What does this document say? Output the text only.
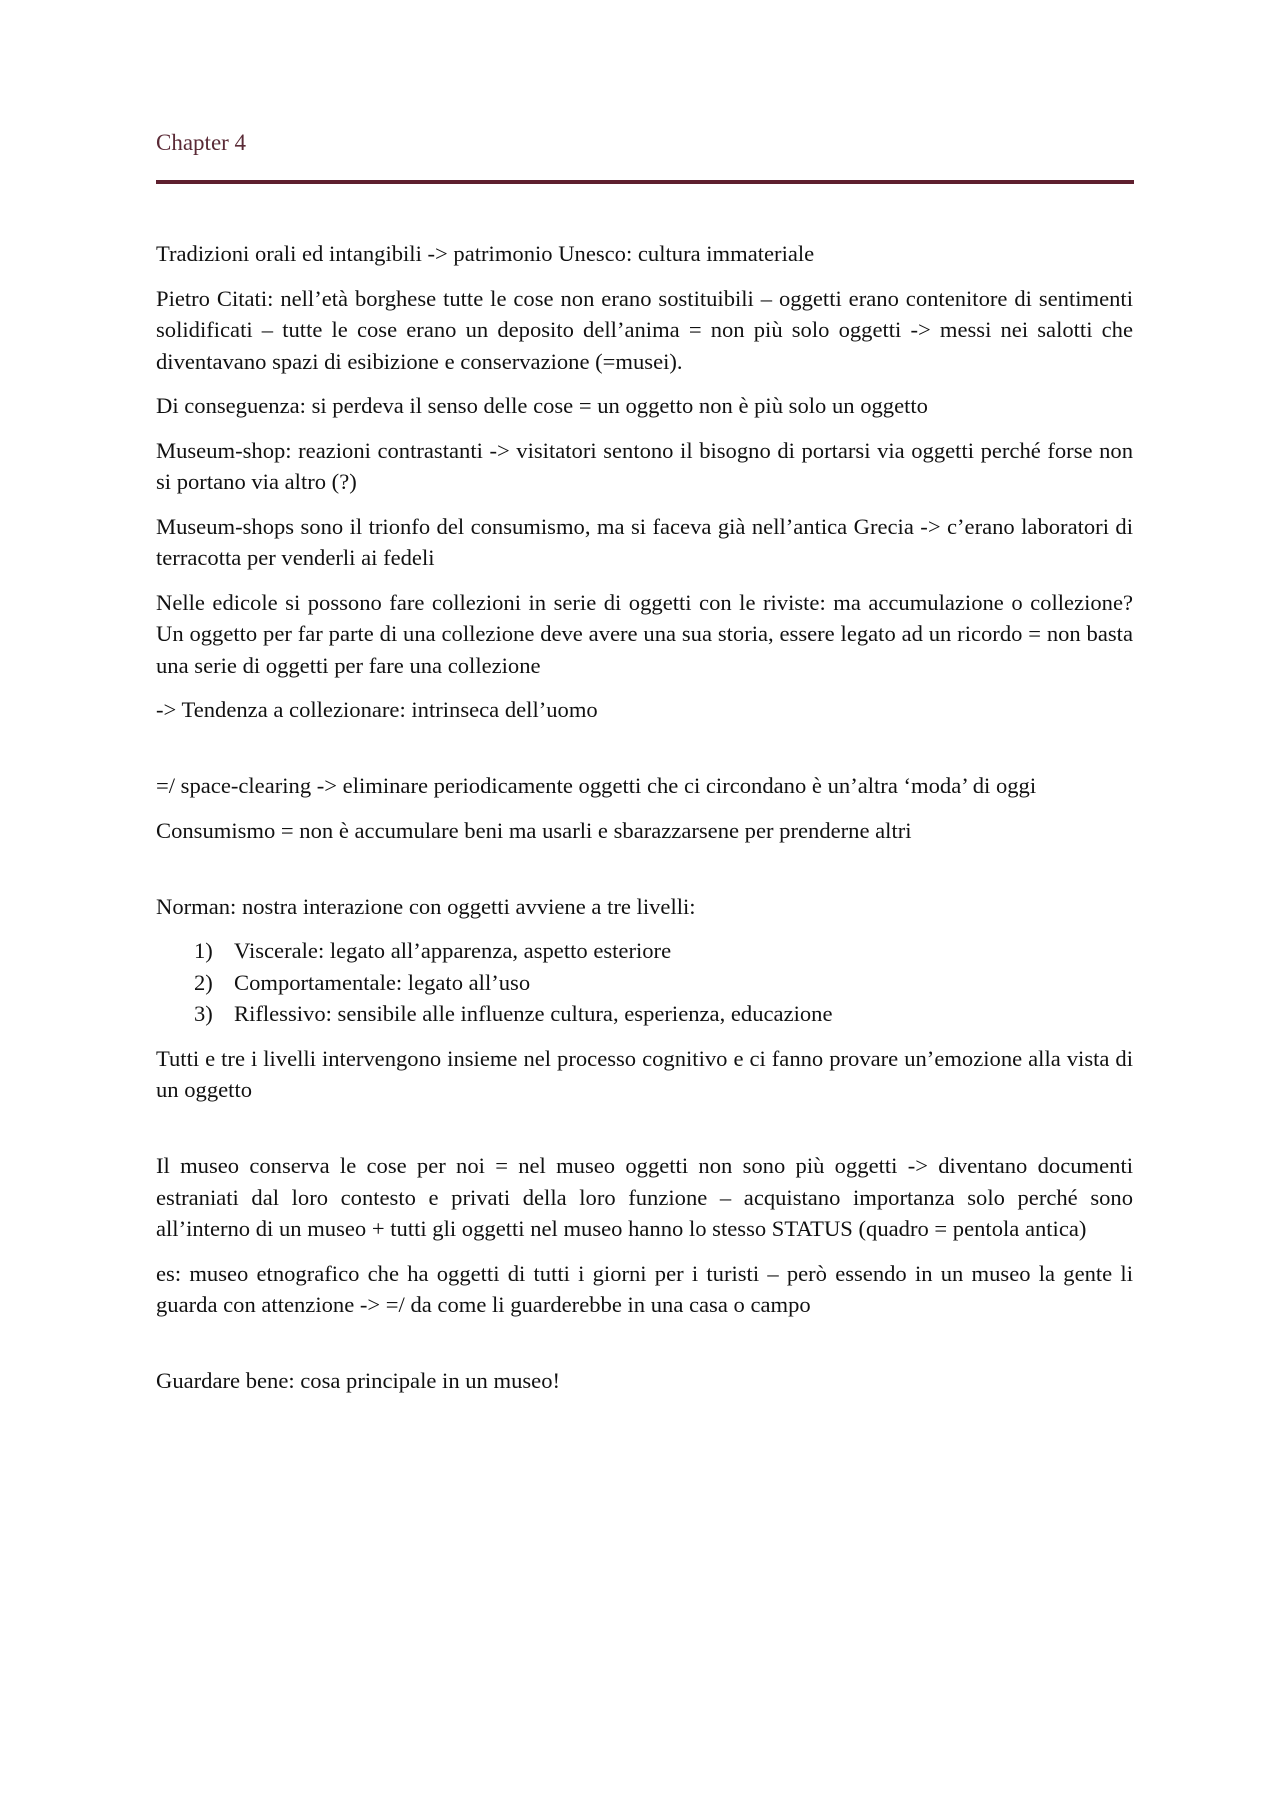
Chapter 4

Tradizioni orali ed intangibili -> patrimonio Unesco: cultura immateriale

Pietro Citati: nell’età borghese tutte le cose non erano sostituibili – oggetti erano contenitore di sentimenti solidificati – tutte le cose erano un deposito dell’anima = non più solo oggetti -> messi nei salotti che diventavano spazi di esibizione e conservazione (=musei).

Di conseguenza: si perdeva il senso delle cose = un oggetto non è più solo un oggetto

Museum-shop: reazioni contrastanti -> visitatori sentono il bisogno di portarsi via oggetti perché forse non si portano via altro (?)

Museum-shops sono il trionfo del consumismo, ma si faceva già nell’antica Grecia -> c’erano laboratori di terracotta per venderli ai fedeli

Nelle edicole si possono fare collezioni in serie di oggetti con le riviste: ma accumulazione o collezione? Un oggetto per far parte di una collezione deve avere una sua storia, essere legato ad un ricordo = non basta una serie di oggetti per fare una collezione

-> Tendenza a collezionare: intrinseca dell’uomo

=/ space-clearing -> eliminare periodicamente oggetti che ci circondano è un’altra ‘moda’ di oggi

Consumismo = non è accumulare beni ma usarli e sbarazzarsene per prenderne altri

Norman: nostra interazione con oggetti avviene a tre livelli:

1) Viscerale: legato all’apparenza, aspetto esteriore
2) Comportamentale: legato all’uso
3) Riflessivo: sensibile alle influenze cultura, esperienza, educazione

Tutti e tre i livelli intervengono insieme nel processo cognitivo e ci fanno provare un’emozione alla vista di un oggetto

Il museo conserva le cose per noi = nel museo oggetti non sono più oggetti -> diventano documenti estraniati dal loro contesto e privati della loro funzione – acquistano importanza solo perché sono all’interno di un museo + tutti gli oggetti nel museo hanno lo stesso STATUS (quadro = pentola antica)

es: museo etnografico che ha oggetti di tutti i giorni per i turisti – però essendo in un museo la gente li guarda con attenzione -> =/ da come li guarderebbe in una casa o campo

Guardare bene: cosa principale in un museo!
